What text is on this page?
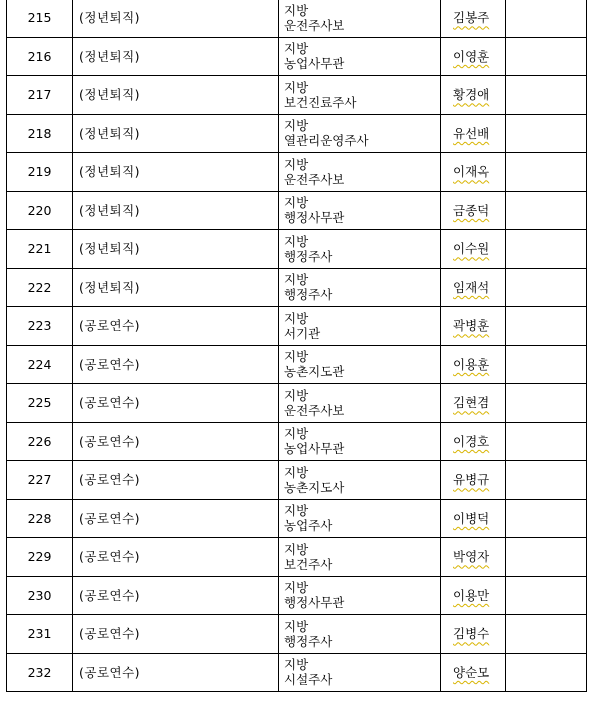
215	(정년퇴직)	지방
운전주사보	김봉주	
216	(정년퇴직)	지방
농업사무관	이영훈	
217	(정년퇴직)	지방
보건진료주사	황경애	
218	(정년퇴직)	지방
열관리운영주사	유선배	
219	(정년퇴직)	지방
운전주사보	이재옥	
220	(정년퇴직)	지방
행정사무관	금종덕	
221	(정년퇴직)	지방
행정주사	이수원	
222	(정년퇴직)	지방
행정주사	임재석	
223	(공로연수)	지방
서기관	곽병훈	
224	(공로연수)	지방
농촌지도관	이용훈	
225	(공로연수)	지방
운전주사보	김현겸	
226	(공로연수)	지방
농업사무관	이경호	
227	(공로연수)	지방
농촌지도사	유병규	
228	(공로연수)	지방
농업주사	이병덕	
229	(공로연수)	지방
보건주사	박영자	
230	(공로연수)	지방
행정사무관	이용만	
231	(공로연수)	지방
행정주사	김병수	
232	(공로연수)	지방
시설주사	양순모	
